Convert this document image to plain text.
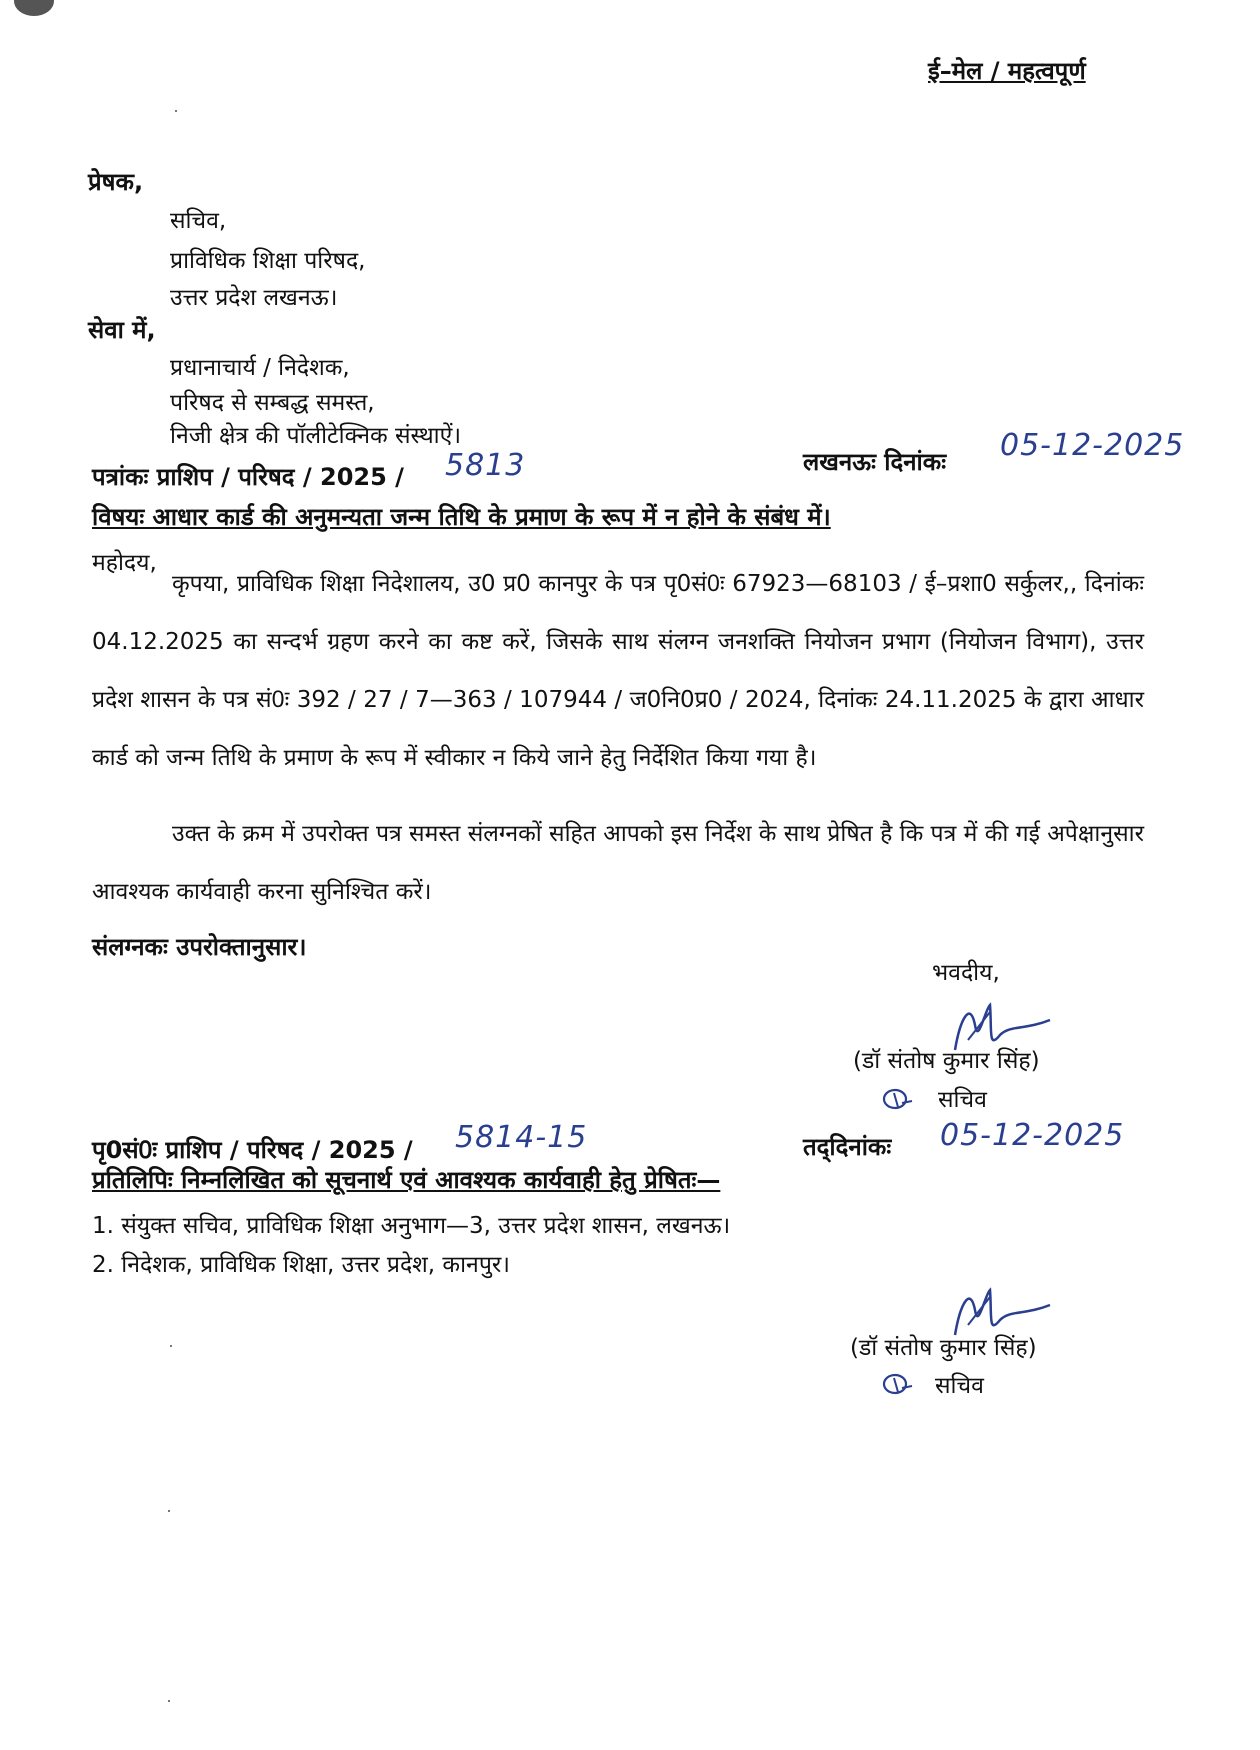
ई–मेल / महत्वपूर्ण
प्रेषक,
सचिव,
प्राविधिक शिक्षा परिषद,
उत्तर प्रदेश लखनऊ।
सेवा में,
प्रधानाचार्य / निदेशक,
परिषद से सम्बद्ध समस्त,
निजी क्षेत्र की पॉलीटेक्निक संस्थाऐं।
पत्रांकः प्राशिप / परिषद / 2025 / 5813	लखनऊः दिनांकः 05-12-2025
विषयः आधार कार्ड की अनुमन्यता जन्म तिथि के प्रमाण के रूप में न होने के संबंध में।
महोदय,
कृपया, प्राविधिक शिक्षा निदेशालय, उ0 प्र0 कानपुर के पत्र पृ0सं0ः 67923—68103 / ई–प्रशा0 सर्कुलर,, दिनांकः 04.12.2025 का सन्दर्भ ग्रहण करने का कष्ट करें, जिसके साथ संलग्न जनशक्ति नियोजन प्रभाग (नियोजन विभाग), उत्तर प्रदेश शासन के पत्र सं0ः 392 / 27 / 7—363 / 107944 / ज0नि0प्र0 / 2024, दिनांकः 24.11.2025 के द्वारा आधार कार्ड को जन्म तिथि के प्रमाण के रूप में स्वीकार न किये जाने हेतु निर्देशित किया गया है।
उक्त के क्रम में उपरोक्त पत्र समस्त संलग्नकों सहित आपको इस निर्देश के साथ प्रेषित है कि पत्र में की गई अपेक्षानुसार आवश्यक कार्यवाही करना सुनिश्चित करें।
संलग्नकः उपरोक्तानुसार।
भवदीय,
(डॉ संतोष कुमार सिंह)
सचिव
पृ0सं0ः प्राशिप / परिषद / 2025 / 5814-15	तद्‌दिनांकः 05-12-2025
प्रतिलिपिः निम्नलिखित को सूचनार्थ एवं आवश्यक कार्यवाही हेतु प्रेषितः—
1. संयुक्त सचिव, प्राविधिक शिक्षा अनुभाग—3, उत्तर प्रदेश शासन, लखनऊ।
2. निदेशक, प्राविधिक शिक्षा, उत्तर प्रदेश, कानपुर।
(डॉ संतोष कुमार सिंह)
सचिव
